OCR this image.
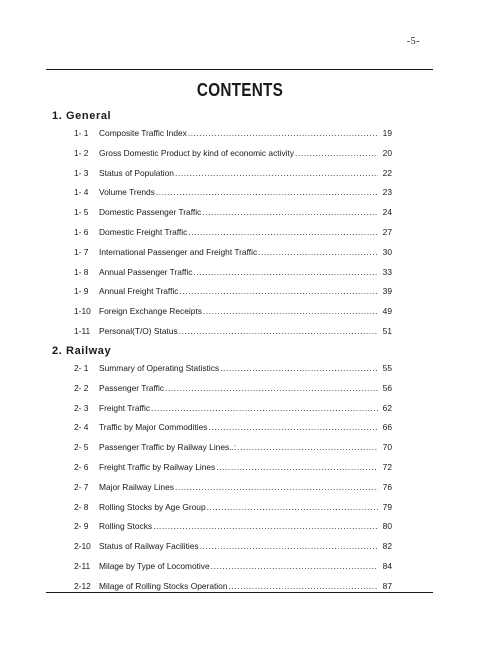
-5-
CONTENTS
1. General
1- 1	Composite Traffic Index .....	19
1- 2	Gross Domestic Product by kind of economic activity .....	20
1- 3	Status of Population .....	22
1- 4	Volume Trends .....	23
1- 5	Domestic Passenger Traffic .....	24
1- 6	Domestic Freight Traffic .....	27
1- 7	International Passenger and Freight Traffic .....	30
1- 8	Annual Passenger Traffic .....	33
1- 9	Annual Freight Traffic .....	39
1-10 Foreign Exchange Receipts .....	49
1-11	Personal(T/O) Status .....	51
2. Railway
2- 1	Summary of Operating Statistics .....	55
2- 2	Passenger Traffic .....	56
2- 3	Freight Traffic .....	62
2- 4	Traffic by Major Commodities .....	66
2- 5	Passenger Traffic by Railway Lines..: .....	70
2- 6	Freight Traffic by Railway Lines .....	72
2- 7	Major Railway Lines .....	76
2- 8	Rolling Stocks by Age Group .....	79
2- 9	Rolling Stocks .....	80
2-10 Status of Railway Facilities .....	82
2-11	Milage by Type of Locomotive .....	84
2-12 Milage of Rolling Stocks Operation .....	87
